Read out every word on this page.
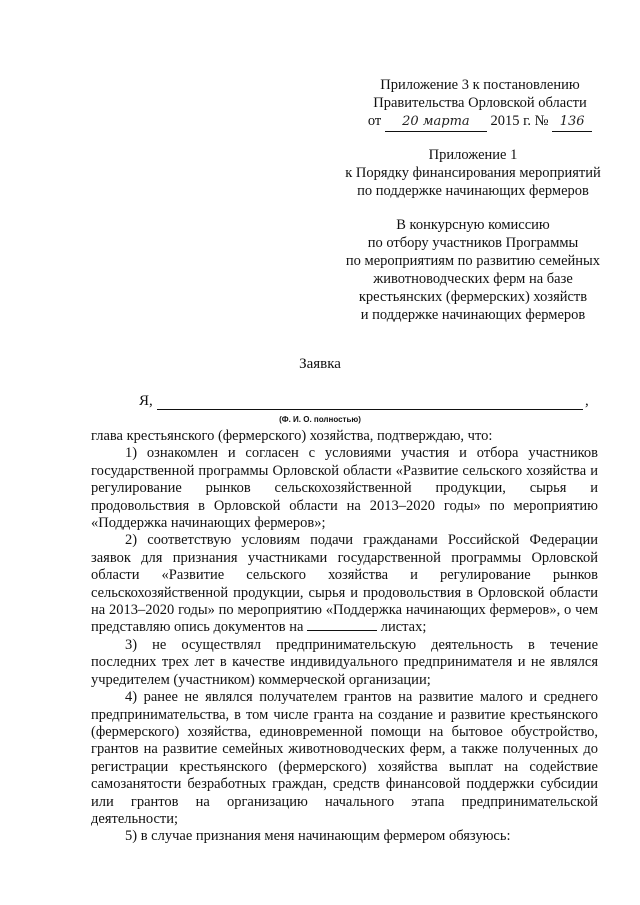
Приложение 3 к постановлению
Правительства Орловской области
от 20 марта 2015 г. № 136
Приложение 1
к Порядку финансирования мероприятий
по поддержке начинающих фермеров
В конкурсную комиссию
по отбору участников Программы
по мероприятиям по развитию семейных
животноводческих ферм на базе
крестьянских (фермерских) хозяйств
и поддержке начинающих фермеров
Заявка
Я,	,
(Ф. И. О. полностью)

глава крестьянского (фермерского) хозяйства, подтверждаю, что:

1) ознакомлен и согласен с условиями участия и отбора участников государственной программы Орловской области «Развитие сельского хозяйства и регулирование рынков сельскохозяйственной продукции, сырья и продовольствия в Орловской области на 2013–2020 годы» по мероприятию «Поддержка начинающих фермеров»;

2) соответствую условиям подачи гражданами Российской Федерации заявок для признания участниками государственной программы Орловской области «Развитие сельского хозяйства и регулирование рынков сельскохозяйственной продукции, сырья и продовольствия в Орловской области на 2013–2020 годы» по мероприятию «Поддержка начинающих фермеров», о чем представляю опись документов на	листах;

3) не осуществлял предпринимательскую деятельность в течение последних трех лет в качестве индивидуального предпринимателя и не являлся учредителем (участником) коммерческой организации;

4) ранее не являлся получателем грантов на развитие малого и среднего предпринимательства, в том числе гранта на создание и развитие крестьянского (фермерского) хозяйства, единовременной помощи на бытовое обустройство, грантов на развитие семейных животноводческих ферм, а также полученных до регистрации крестьянского (фермерского) хозяйства выплат на содействие самозанятости безработных граждан, средств финансовой поддержки субсидии или грантов на организацию начального этапа предпринимательской деятельности;

5) в случае признания меня начинающим фермером обязуюсь:
